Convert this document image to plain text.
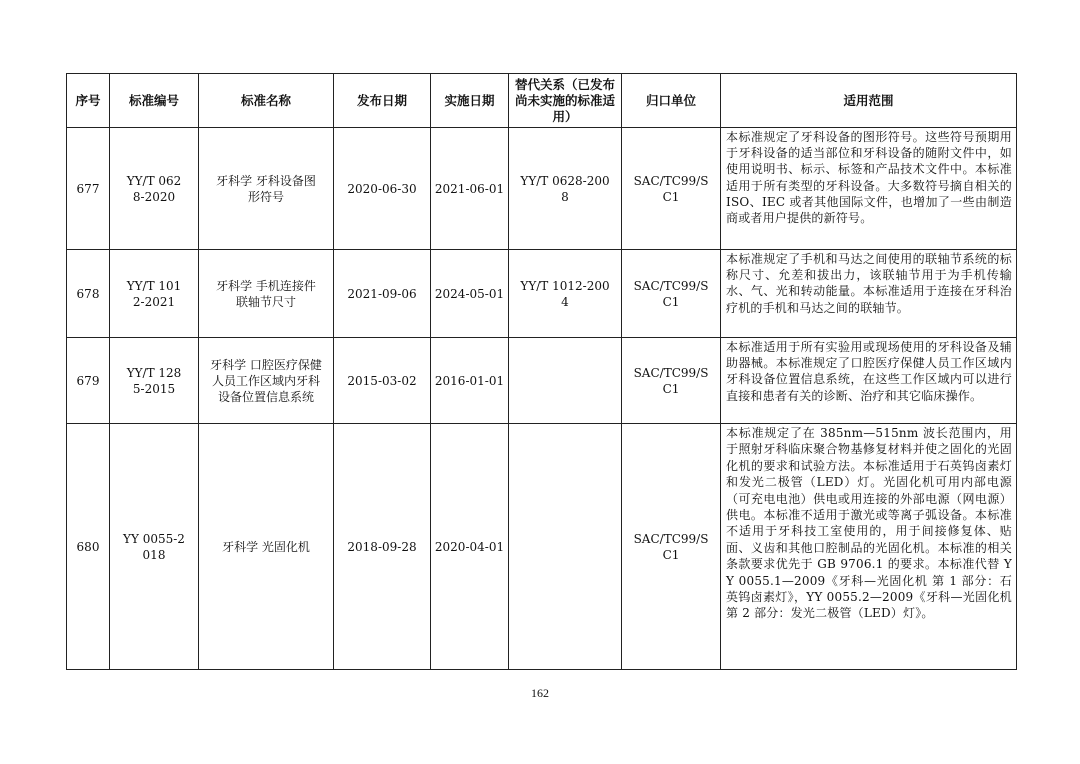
序号	标准编号	标准名称	发布日期	实施日期	替代关系（已发布尚未实施的标准适用）	归口单位	适用范围
677	YY/T 0628-2020	牙科学 牙科设备图形符号	2020-06-30	2021-06-01	YY/T 0628-2008	SAC/TC99/SC1	本标准规定了牙科设备的图形符号。这些符号预期用于牙科设备的适当部位和牙科设备的随附文件中，如使用说明书、标示、标签和产品技术文件中。本标准适用于所有类型的牙科设备。大多数符号摘自相关的 ISO、IEC 或者其他国际文件，也增加了一些由制造商或者用户提供的新符号。
678	YY/T 1012-2021	牙科学 手机连接件联轴节尺寸	2021-09-06	2024-05-01	YY/T 1012-2004	SAC/TC99/SC1	本标准规定了手机和马达之间使用的联轴节系统的标称尺寸、允差和拔出力，该联轴节用于为手机传输水、气、光和转动能量。本标准适用于连接在牙科治疗机的手机和马达之间的联轴节。
679	YY/T 1285-2015	牙科学 口腔医疗保健人员工作区域内牙科设备位置信息系统	2015-03-02	2016-01-01		SAC/TC99/SC1	本标准适用于所有实验用或现场使用的牙科设备及辅助器械。本标准规定了口腔医疗保健人员工作区域内牙科设备位置信息系统，在这些工作区域内可以进行直接和患者有关的诊断、治疗和其它临床操作。
680	YY 0055-2018	牙科学 光固化机	2018-09-28	2020-04-01		SAC/TC99/SC1	本标准规定了在 385nm—515nm 波长范围内，用于照射牙科临床聚合物基修复材料并使之固化的光固化机的要求和试验方法。本标准适用于石英钨卤素灯和发光二极管（LED）灯。光固化机可用内部电源（可充电电池）供电或用连接的外部电源（网电源）供电。本标准不适用于激光或等离子弧设备。本标准不适用于牙科技工室使用的，用于间接修复体、贴面、义齿和其他口腔制品的光固化机。本标准的相关条款要求优先于 GB 9706.1 的要求。本标准代替 YY 0055.1—2009《牙科—光固化机 第 1 部分：石英钨卤素灯》，YY 0055.2—2009《牙科—光固化机 第 2 部分：发光二极管（LED）灯》。
162
